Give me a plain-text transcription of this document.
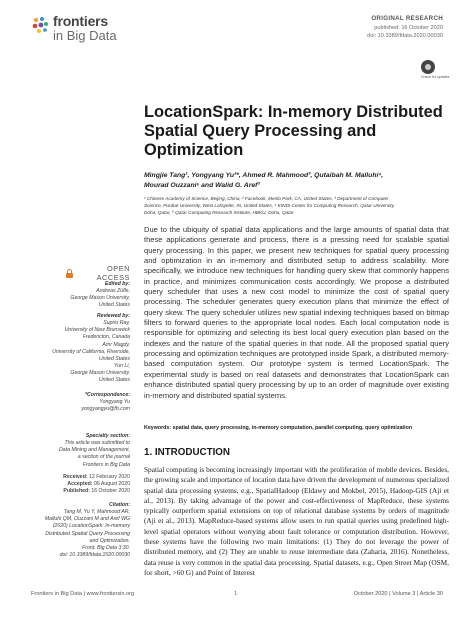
frontiers
in Big Data
ORIGINAL RESEARCH
published: 16 October 2020
doi: 10.3389/fdata.2020.00030
Check for updates
LocationSpark: In-memory Distributed Spatial Query Processing and Optimization
Mingjie Tang¹, Yongyang Yu²*, Ahmed R. Mahmood³, Qutaibah M. Malluhi⁴,
Mourad Ouzzani⁵ and Walid G. Aref³
¹ Chinese Academy of Science, Beijing, China, ² Facebook, Menlo Park, CA, United States, ³ Department of Computer
Science, Purdue University, West Lafayette, IN, United States, ⁴ KINDI Center for Computing Research, Qatar University,
Doha, Qatar, ⁵ Qatar Computing Research Institute, HBKU, Doha, Qatar

Due to the ubiquity of spatial data applications and the large amounts of spatial data that these applications generate and process, there is a pressing need for scalable spatial query processing. In this paper, we present new techniques for spatial query processing and optimization in an in-memory and distributed setup to address scalability. More specifically, we introduce new techniques for handling query skew that commonly happens in practice, and minimizes communication costs accordingly. We propose a distributed query scheduler that uses a new cost model to minimize the cost of spatial query processing. The scheduler generates query execution plans that minimize the effect of query skew. The query scheduler utilizes new spatial indexing techniques based on bitmap filters to forward queries to the appropriate local nodes. Each local computation node is responsible for optimizing and selecting its best local query execution plan based on the indexes and the nature of the spatial queries in that node. All the proposed spatial query processing and optimization techniques are prototyped inside Spark, a distributed memory-based computation system. Our prototype system is termed LocationSpark. The experimental study is based on real datasets and demonstrates that LocationSpark can enhance distributed spatial query processing by up to an order of magnitude over existing in-memory and distributed spatial systems.

Keywords: spatial data, query processing, in-memory computation, parallel computing, query optimization
1. INTRODUCTION

Spatial computing is becoming increasingly important with the proliferation of mobile devices. Besides, the growing scale and importance of location data have driven the development of numerous specialized spatial data processing systems, e.g., SpatialHadoop (Eldawy and Mokbel, 2015), Hadoop-GIS (Aji et al., 2013). By taking advantage of the power and cost-effectiveness of MapReduce, these systems typically outperform spatial extensions on top of relational database systems by orders of magnitude (Aji et al., 2013). MapReduce-based systems allow users to run spatial queries using predefined high-level spatial operators without worrying about fault tolerance or computation distribution. However, these systems have the following two main limitations: (1) They do not leverage the power of distributed memory, and (2) They are unable to reuse intermediate data (Zaharia, 2016). Nonetheless, data reuse is very common in the spatial data processing. Spatial datasets, e.g., Open Street Map (OSM, for short, >60 G) and Point of Interest

OPEN ACCESS
Edited by:
Andreas Züfle,
George Mason University,
United States
Reviewed by:
Suprio Ray,
University of New Brunswick
Fredericton, Canada
Amr Magdy,
University of California, Riverside,
United States
Yun Li,
George Mason University,
United States
*Correspondence:
Yongyang Yu
yongyangyu@fb.com
Specialty section:
This article was submitted to
Data Mining and Management,
a section of the journal
Frontiers in Big Data
Received: 12 February 2020
Accepted: 06 August 2020
Published: 16 October 2020
Citation:
Tang M, Yu Y, Mahmood AR,
Malluhi QM, Ouzzani M and Aref WG
(2020) LocationSpark: In-memory
Distributed Spatial Query Processing
and Optimization.
Front. Big Data 3:30.
doi: 10.3389/fdata.2020.00030
Frontiers in Big Data | www.frontiersin.org	1	October 2020 | Volume 3 | Article 30
